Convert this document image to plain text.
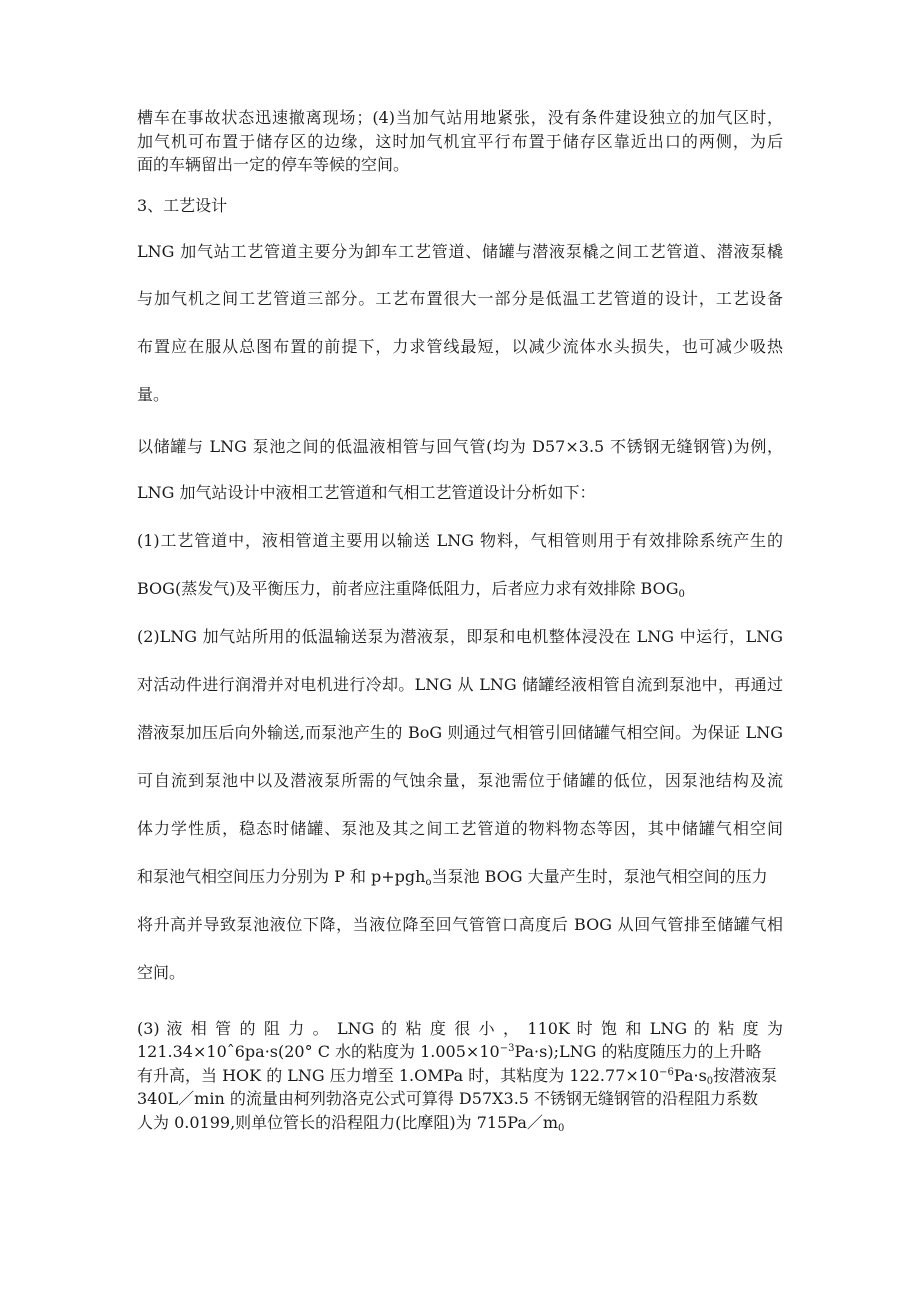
槽车在事故状态迅速撤离现场；(4)当加气站用地紧张，没有条件建设独立的加气区时，
加气机可布置于储存区的边缘，这时加气机宜平行布置于储存区靠近出口的两侧，为后
面的车辆留出一定的停车等候的空间。
3、工艺设计
LNG 加气站工艺管道主要分为卸车工艺管道、储罐与潜液泵橇之间工艺管道、潜液泵橇
与加气机之间工艺管道三部分。工艺布置很大一部分是低温工艺管道的设计，工艺设备
布置应在服从总图布置的前提下，力求管线最短，以减少流体水头损失，也可减少吸热
量。
以储罐与 LNG 泵池之间的低温液相管与回气管(均为 D57×3.5 不锈钢无缝钢管)为例，
LNG 加气站设计中液相工艺管道和气相工艺管道设计分析如下：
(1)工艺管道中，液相管道主要用以输送 LNG 物料，气相管则用于有效排除系统产生的
BOG(蒸发气)及平衡压力，前者应注重降低阻力，后者应力求有效排除 $BOG_0$
(2)LNG 加气站所用的低温输送泵为潜液泵，即泵和电机整体浸没在 LNG 中运行，LNG
对活动件进行润滑并对电机进行冷却。LNG 从 LNG 储罐经液相管自流到泵池中，再通过
潜液泵加压后向外输送,而泵池产生的 BoG 则通过气相管引回储罐气相空间。为保证 LNG
可自流到泵池中以及潜液泵所需的气蚀余量，泵池需位于储罐的低位，因泵池结构及流
体力学性质，稳态时储罐、泵池及其之间工艺管道的物料物态等因，其中储罐气相空间
和泵池气相空间压力分别为 P 和 p+pgh$_o$当泵池 BOG 大量产生时，泵池气相空间的压力
将升高并导致泵池液位下降，当液位降至回气管管口高度后 BOG 从回气管排至储罐气相
空间。
(3) 液 相 管 的 阻 力 。 LNG 的 粘 度 很 小 ， 110K 时 饱 和 LNG 的 粘 度 为
121.34×10ˆ6pa·s(20° C 水的粘度为 $1.005\times 10^{-3}Pa\cdot s);LNG$ 的粘度随压力的上升略
有升高，当 HOK 的 LNG 压力增至 1.OMPa 时，其粘度为 $122.77\times 10^{-6}Pa\cdot s_0$按潜液泵
340L／min 的流量由柯列勃洛克公式可算得 D57X3.5 不锈钢无缝钢管的沿程阻力系数
人为 0.0199,则单位管长的沿程阻力(比摩阻)为 $715Pa/m_0$
